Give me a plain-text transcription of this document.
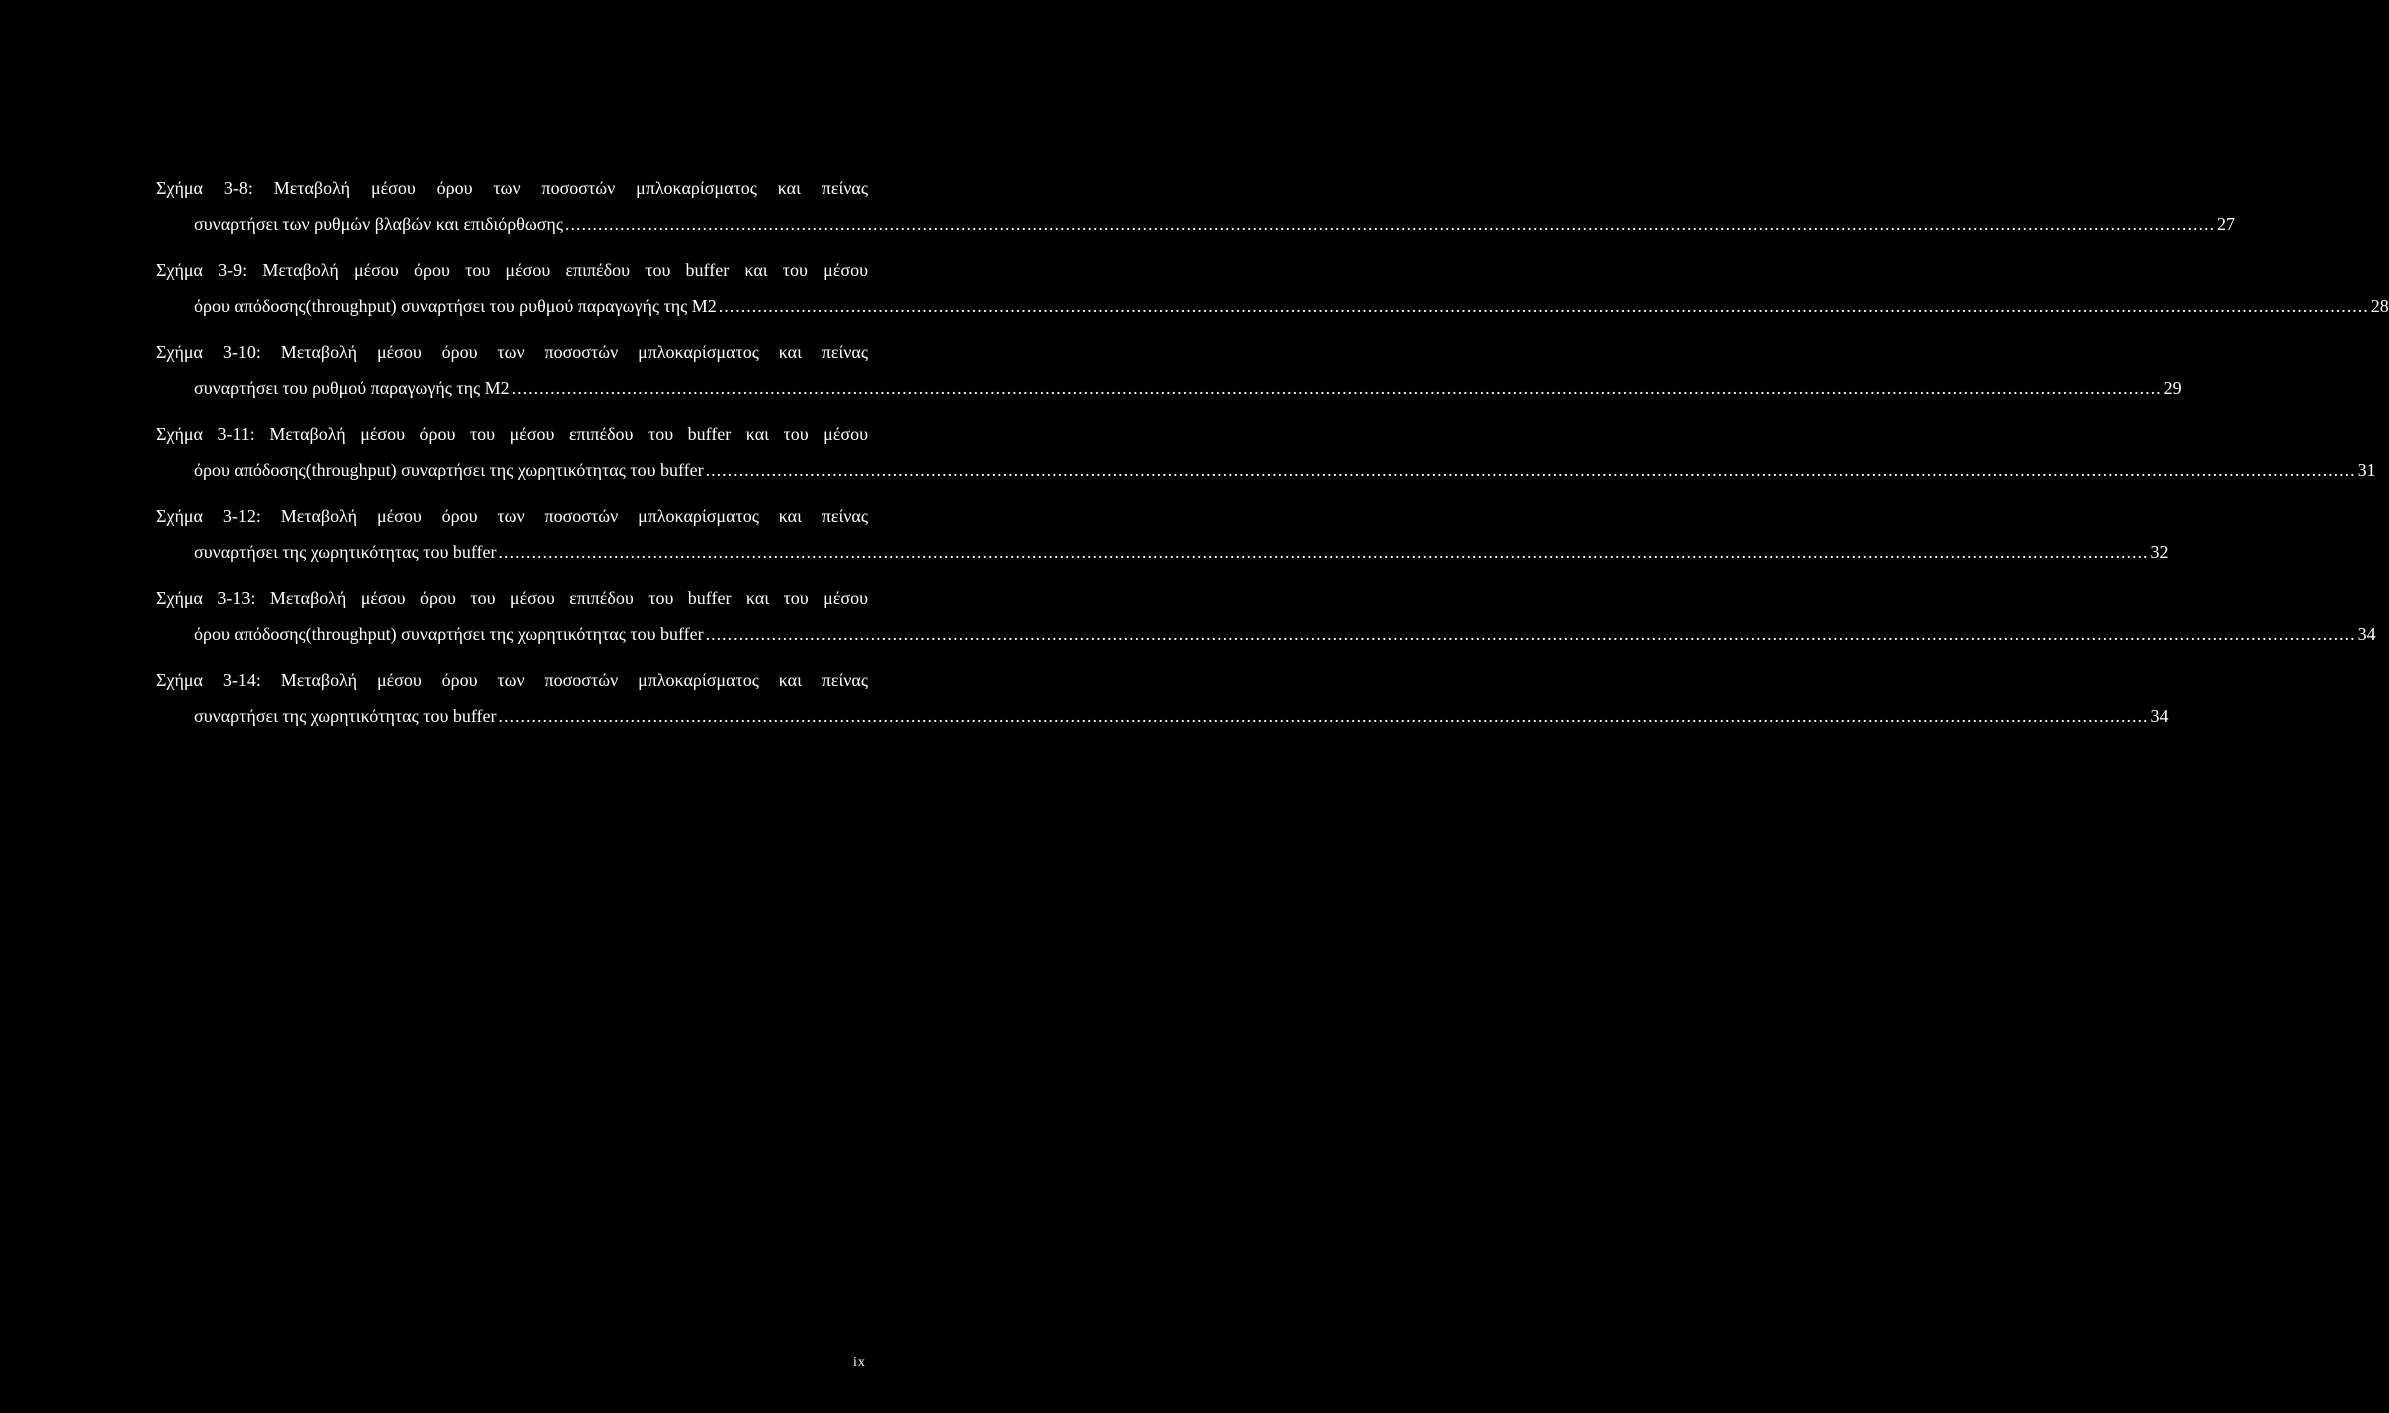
Σχήμα 3-8: Μεταβολή μέσου όρου των ποσοστών μπλοκαρίσματος και πείνας
συναρτήσει των ρυθμών βλαβών και επιδιόρθωσης ............................................................................................................................................................................................................................................................................................................ 27
Σχήμα 3-9: Μεταβολή μέσου όρου του μέσου επιπέδου του buffer και του μέσου
όρου απόδοσης(throughput) συναρτήσει του ρυθμού παραγωγής της M2 ............................................................................................................................................................................................................................................................................................................ 28
Σχήμα 3-10: Μεταβολή μέσου όρου των ποσοστών μπλοκαρίσματος και πείνας
συναρτήσει του ρυθμού παραγωγής της M2 ............................................................................................................................................................................................................................................................................................................ 29
Σχήμα 3-11: Μεταβολή μέσου όρου του μέσου επιπέδου του buffer και του μέσου
όρου απόδοσης(throughput) συναρτήσει της χωρητικότητας του buffer ............................................................................................................................................................................................................................................................................................................ 31
Σχήμα 3-12: Μεταβολή μέσου όρου των ποσοστών μπλοκαρίσματος και πείνας
συναρτήσει της χωρητικότητας του buffer ............................................................................................................................................................................................................................................................................................................ 32
Σχήμα 3-13: Μεταβολή μέσου όρου του μέσου επιπέδου του buffer και του μέσου
όρου απόδοσης(throughput) συναρτήσει της χωρητικότητας του buffer ............................................................................................................................................................................................................................................................................................................ 34
Σχήμα 3-14: Μεταβολή μέσου όρου των ποσοστών μπλοκαρίσματος και πείνας
συναρτήσει της χωρητικότητας του buffer ............................................................................................................................................................................................................................................................................................................ 34
ix
